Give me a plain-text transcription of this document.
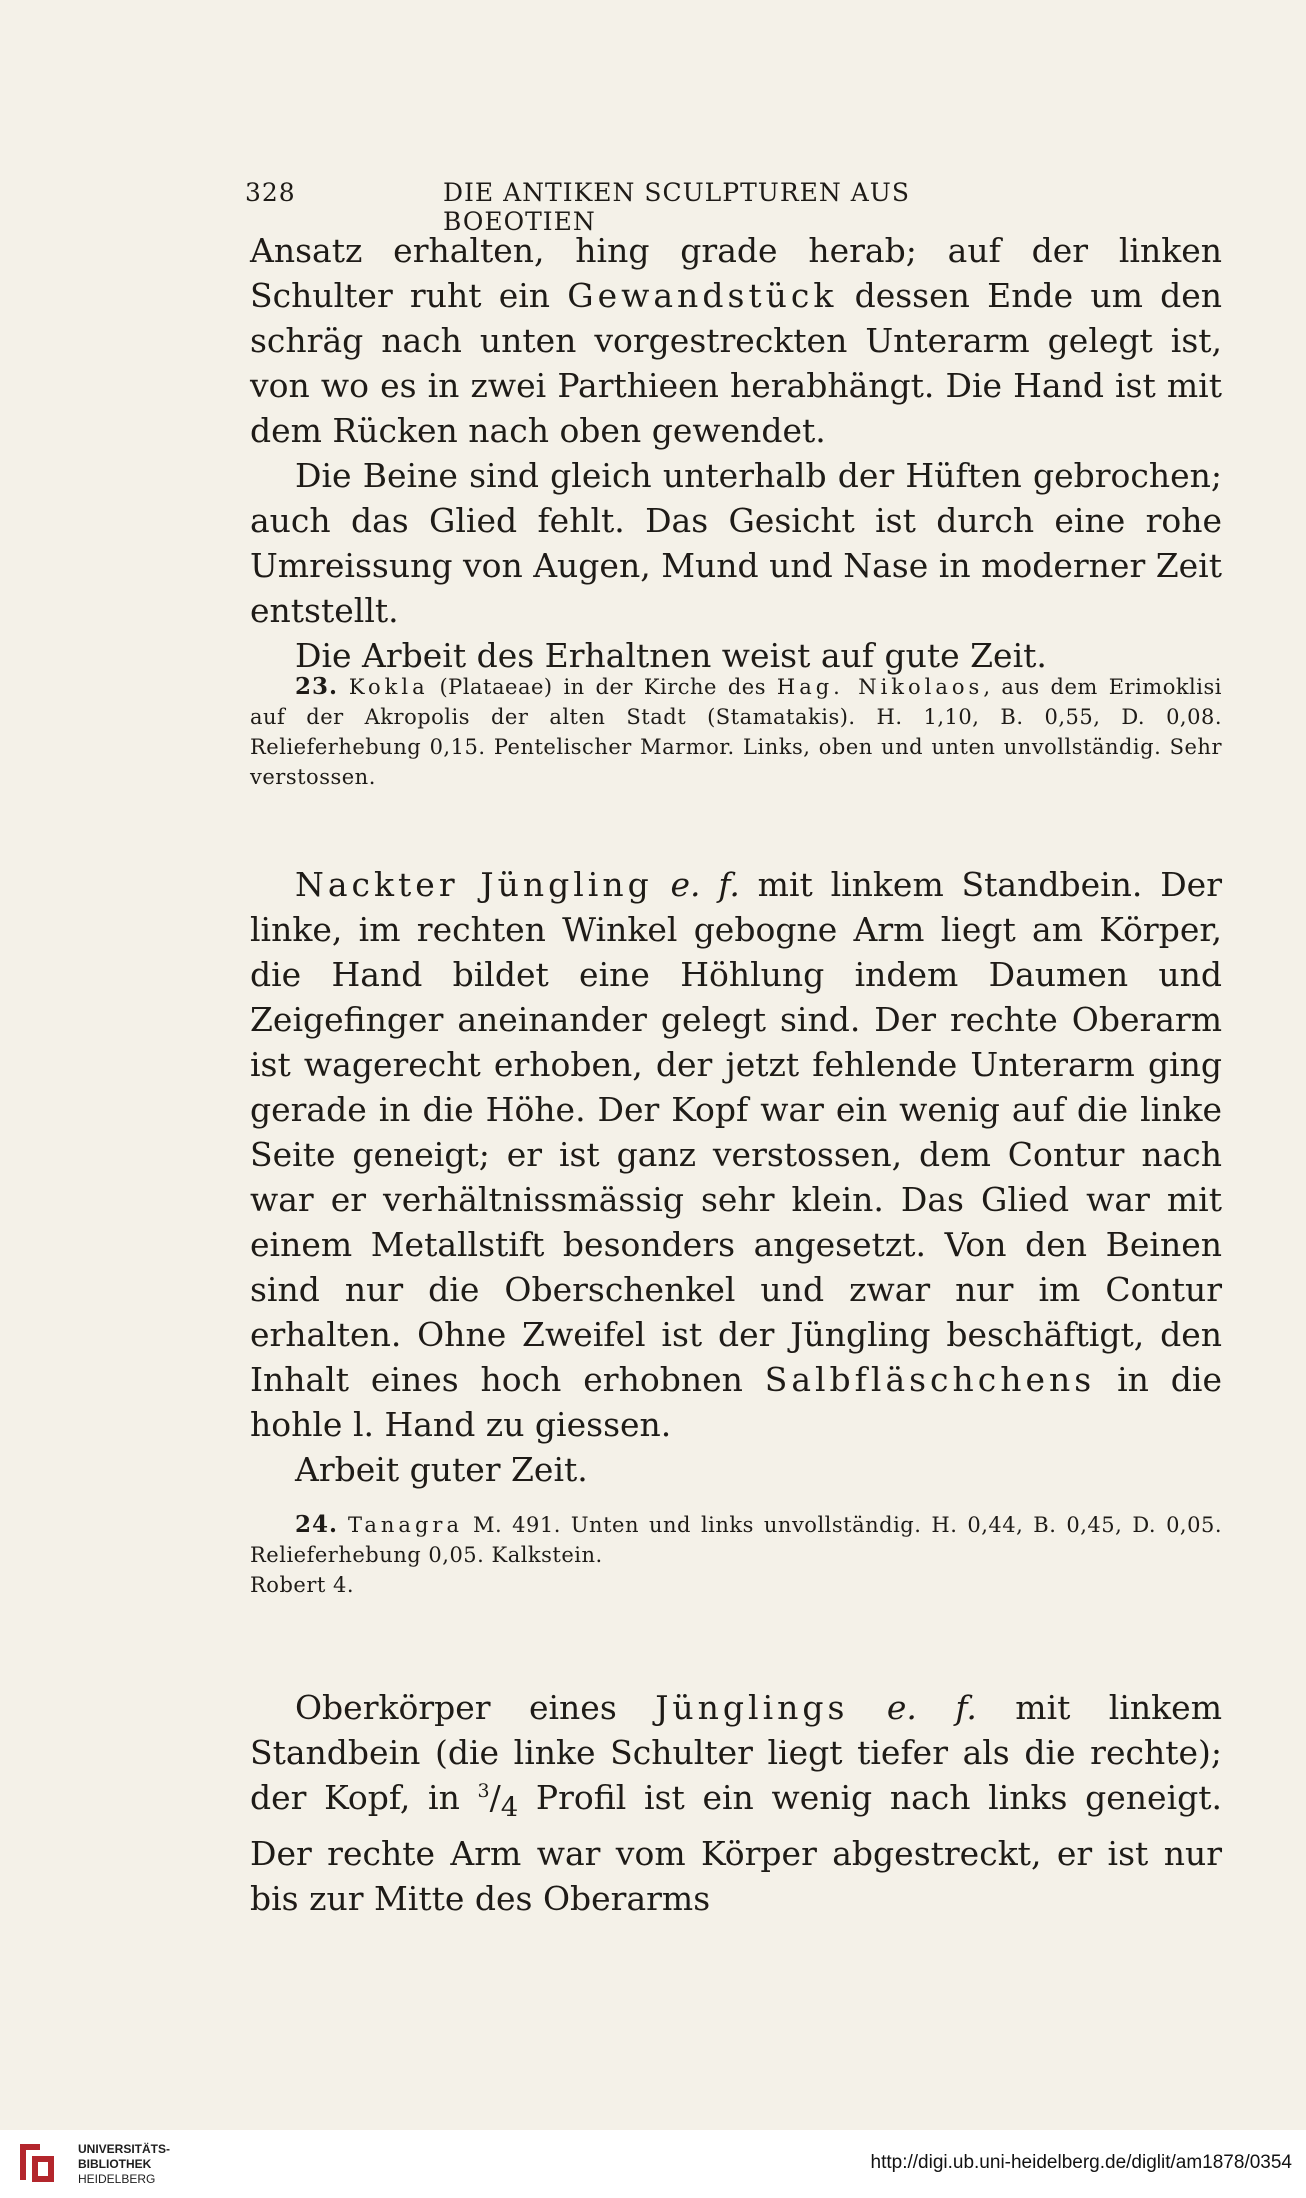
328	DIE ANTIKEN SCULPTUREN AUS BOEOTIEN

Ansatz erhalten, hing grade herab; auf der linken Schulter ruht ein Gewandstück dessen Ende um den schräg nach unten vorgestreckten Unterarm gelegt ist, von wo es in zwei Parthieen herabhängt. Die Hand ist mit dem Rücken nach oben gewendet.

Die Beine sind gleich unterhalb der Hüften gebrochen; auch das Glied fehlt. Das Gesicht ist durch eine rohe Umreissung von Augen, Mund und Nase in moderner Zeit entstellt.

Die Arbeit des Erhaltnen weist auf gute Zeit.

23. Kokla (Plataeae) in der Kirche des Hag. Nikolaos, aus dem Erimoklisi auf der Akropolis der alten Stadt (Stamatakis). H. 1,10, B. 0,55, D. 0,08. Relieferhebung 0,15. Pentelischer Marmor. Links, oben und unten unvollständig. Sehr verstossen.

Nackter Jüngling e. f. mit linkem Standbein. Der linke, im rechten Winkel gebogne Arm liegt am Körper, die Hand bildet eine Höhlung indem Daumen und Zeigefinger aneinander gelegt sind. Der rechte Oberarm ist wagerecht erhoben, der jetzt fehlende Unterarm ging gerade in die Höhe. Der Kopf war ein wenig auf die linke Seite geneigt; er ist ganz verstossen, dem Contur nach war er verhältnissmässig sehr klein. Das Glied war mit einem Metallstift besonders angesetzt. Von den Beinen sind nur die Oberschenkel und zwar nur im Contur erhalten. Ohne Zweifel ist der Jüngling beschäftigt, den Inhalt eines hoch erhobnen Salbfläschchens in die hohle l. Hand zu giessen.

Arbeit guter Zeit.

24. Tanagra M. 491. Unten und links unvollständig. H. 0,44, B. 0,45, D. 0,05. Relieferhebung 0,05. Kalkstein.

Robert 4.

Oberkörper eines Jünglings e. f. mit linkem Standbein (die linke Schulter liegt tiefer als die rechte); der Kopf, in $^3/_4$ Profil ist ein wenig nach links geneigt. Der rechte Arm war vom Körper abgestreckt, er ist nur bis zur Mitte des Oberarms

UNIVERSITÄTS-
BIBLIOTHEK
HEIDELBERG
http://digi.ub.uni-heidelberg.de/diglit/am1878/0354
